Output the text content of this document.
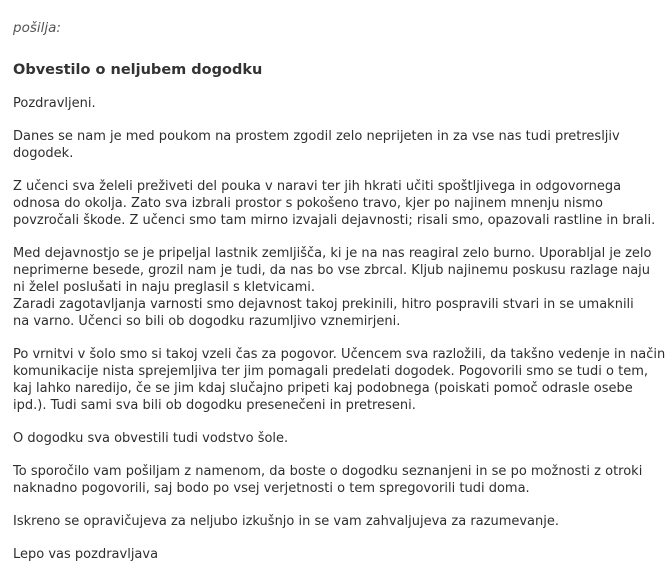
pošilja:
Obvestilo o neljubem dogodku

Pozdravljeni.

Danes se nam je med poukom na prostem zgodil zelo neprijeten in za vse nas tudi pretresljiv
dogodek.

Z učenci sva želeli preživeti del pouka v naravi ter jih hkrati učiti spoštljivega in odgovornega
odnosa do okolja. Zato sva izbrali prostor s pokošeno travo, kjer po najinem mnenju nismo
povzročali škode. Z učenci smo tam mirno izvajali dejavnosti; risali smo, opazovali rastline in brali.

Med dejavnostjo se je pripeljal lastnik zemljišča, ki je na nas reagiral zelo burno. Uporabljal je zelo
neprimerne besede, grozil nam je tudi, da nas bo vse zbrcal. Kljub najinemu poskusu razlage naju
ni želel poslušati in naju preglasil s kletvicami.
Zaradi zagotavljanja varnosti smo dejavnost takoj prekinili, hitro pospravili stvari in se umaknili
na varno. Učenci so bili ob dogodku razumljivo vznemirjeni.

Po vrnitvi v šolo smo si takoj vzeli čas za pogovor. Učencem sva razložili, da takšno vedenje in način
komunikacije nista sprejemljiva ter jim pomagali predelati dogodek. Pogovorili smo se tudi o tem,
kaj lahko naredijo, če se jim kdaj slučajno pripeti kaj podobnega (poiskati pomoč odrasle osebe
ipd.). Tudi sami sva bili ob dogodku presenečeni in pretreseni.

O dogodku sva obvestili tudi vodstvo šole.

To sporočilo vam pošiljam z namenom, da boste o dogodku seznanjeni in se po možnosti z otroki
naknadno pogovorili, saj bodo po vsej verjetnosti o tem spregovorili tudi doma.

Iskreno se opravičujeva za neljubo izkušnjo in se vam zahvaljujeva za razumevanje.

Lepo vas pozdravljava
